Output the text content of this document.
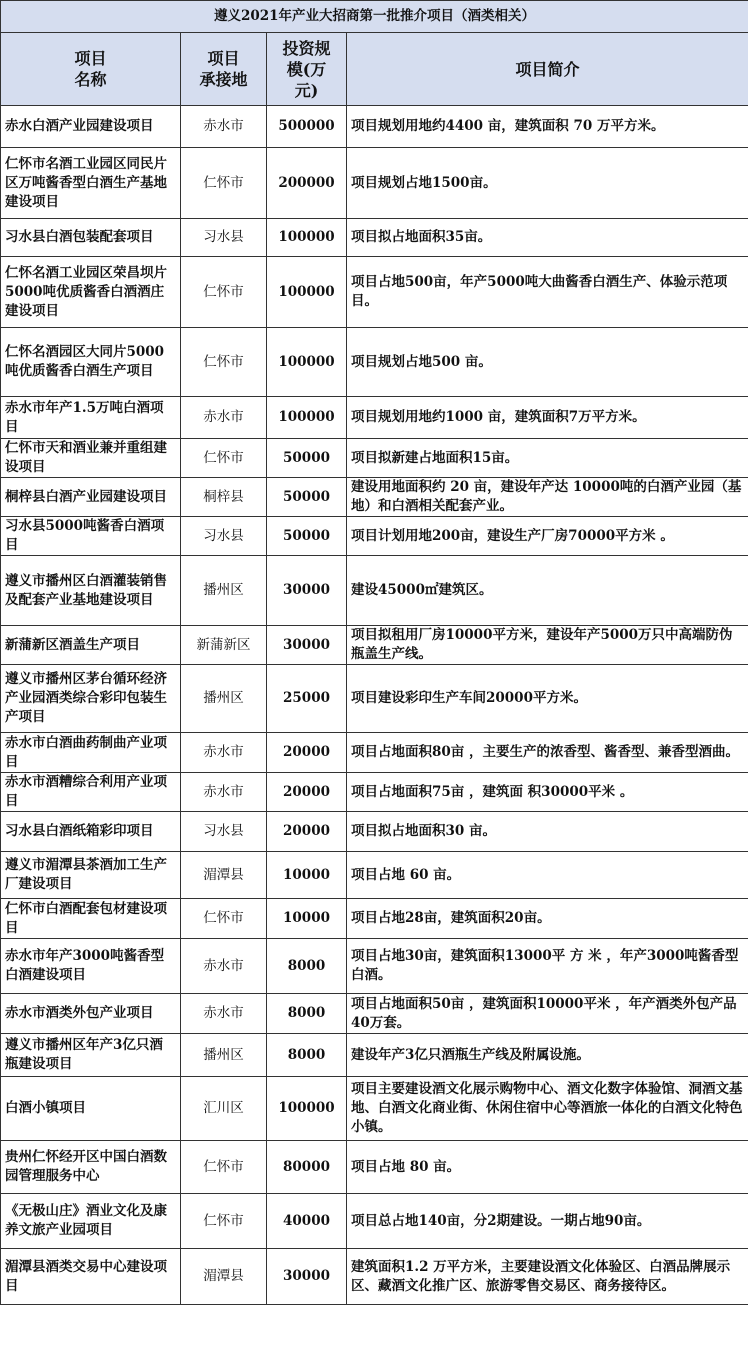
遵义2021年产业大招商第一批推介项目（酒类相关）			
项目
名称	项目
承接地	投资规
模(万
元)	项目简介
赤水白酒产业园建设项目	赤水市	500000	项目规划用地约4400 亩，建筑面积 70 万平方米。
仁怀市名酒工业园区同民片区万吨酱香型白酒生产基地建设项目	仁怀市	200000	项目规划占地1500亩。
习水县白酒包装配套项目	习水县	100000	项目拟占地面积35亩。
仁怀名酒工业园区荣昌坝片5000吨优质酱香白酒酒庄建设项目	仁怀市	100000	项目占地500亩，年产5000吨大曲酱香白酒生产、体验示范项目。
仁怀名酒园区大同片5000吨优质酱香白酒生产项目	仁怀市	100000	项目规划占地500 亩。
赤水市年产1.5万吨白酒项目	赤水市	100000	项目规划用地约1000 亩，建筑面积7万平方米。
仁怀市天和酒业兼并重组建设项目	仁怀市	50000	项目拟新建占地面积15亩。
桐梓县白酒产业园建设项目	桐梓县	50000	建设用地面积约 20 亩，建设年产达 10000吨的白酒产业园（基地）和白酒相关配套产业。
习水县5000吨酱香白酒项目	习水县	50000	项目计划用地200亩，建设生产厂房70000平方米 。
遵义市播州区白酒灌装销售及配套产业基地建设项目	播州区	30000	建设45000㎡建筑区。
新蒲新区酒盖生产项目	新蒲新区	30000	项目拟租用厂房10000平方米，建设年产5000万只中高端防伪瓶盖生产线。
遵义市播州区茅台循环经济产业园酒类综合彩印包装生产项目	播州区	25000	项目建设彩印生产车间20000平方米。
赤水市白酒曲药制曲产业项目	赤水市	20000	项目占地面积80亩 ，主要生产的浓香型、酱香型、兼香型酒曲。
赤水市酒糟综合利用产业项目	赤水市	20000	项目占地面积75亩 ，建筑面 积30000平米 。
习水县白酒纸箱彩印项目	习水县	20000	项目拟占地面积30 亩。
遵义市湄潭县茶酒加工生产厂建设项目	湄潭县	10000	项目占地 60 亩。
仁怀市白酒配套包材建设项目	仁怀市	10000	项目占地28亩，建筑面积20亩。
赤水市年产3000吨酱香型白酒建设项目	赤水市	8000	项目占地30亩，建筑面积13000平 方 米 ，年产3000吨酱香型白酒。
赤水市酒类外包产业项目	赤水市	8000	项目占地面积50亩 ，建筑面积10000平米 ，年产酒类外包产品40万套。
遵义市播州区年产3亿只酒瓶建设项目	播州区	8000	建设年产3亿只酒瓶生产线及附属设施。
白酒小镇项目	汇川区	100000	项目主要建设酒文化展示购物中心、酒文化数字体验馆、洞酒文基地、白酒文化商业街、休闲住宿中心等酒旅一体化的白酒文化特色小镇。
贵州仁怀经开区中国白酒数园管理服务中心	仁怀市	80000	项目占地 80 亩。
《无极山庄》酒业文化及康养文旅产业园项目	仁怀市	40000	项目总占地140亩，分2期建设。一期占地90亩。
湄潭县酒类交易中心建设项目	湄潭县	30000	建筑面积1.2 万平方米，主要建设酒文化体验区、白酒品牌展示区、藏酒文化推广区、旅游零售交易区、商务接待区。
